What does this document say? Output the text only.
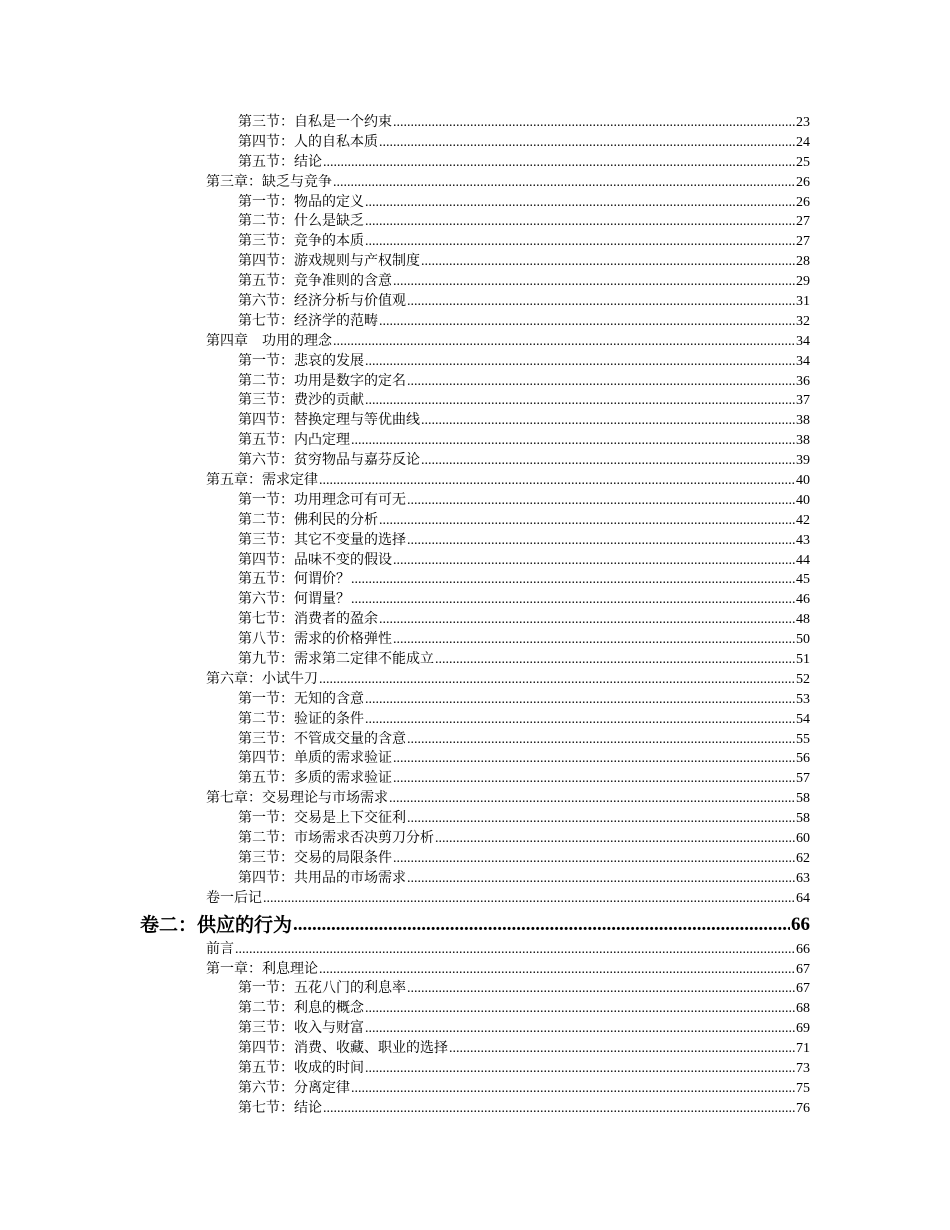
第三节：自私是一个约束 .....	23
第四节：人的自私本质 .....	24
第五节：结论 .....	25
第三章：缺乏与竞争 .....	26
第一节：物品的定义 .....	26
第二节：什么是缺乏 .....	27
第三节：竞争的本质 .....	27
第四节：游戏规则与产权制度 .....	28
第五节：竞争准则的含意 .....	29
第六节：经济分析与价值观 .....	31
第七节：经济学的范畴 .....	32
第四章　功用的理念 .....	34
第一节：悲哀的发展 .....	34
第二节：功用是数字的定名 .....	36
第三节：费沙的贡献 .....	37
第四节：替换定理与等优曲线 .....	38
第五节：内凸定理 .....	38
第六节：贫穷物品与嘉芬反论 .....	39
第五章：需求定律 .....	40
第一节：功用理念可有可无 .....	40
第二节：佛利民的分析 .....	42
第三节：其它不变量的选择 .....	43
第四节：品味不变的假设 .....	44
第五节：何谓价？ .....	45
第六节：何谓量？ .....	46
第七节：消费者的盈余 .....	48
第八节：需求的价格弹性 .....	50
第九节：需求第二定律不能成立 .....	51
第六章：小试牛刀 .....	52
第一节：无知的含意 .....	53
第二节：验证的条件 .....	54
第三节：不管成交量的含意 .....	55
第四节：单质的需求验证 .....	56
第五节：多质的需求验证 .....	57
第七章：交易理论与市场需求 .....	58
第一节：交易是上下交征利 .....	58
第二节：市场需求否决剪刀分析 .....	60
第三节：交易的局限条件 .....	62
第四节：共用品的市场需求 .....	63
卷一后记 .....	64
卷二：供应的行为 .....	66
前言 .....	66
第一章：利息理论 .....	67
第一节：五花八门的利息率 .....	67
第二节：利息的概念 .....	68
第三节：收入与财富 .....	69
第四节：消费、收藏、职业的选择 .....	71
第五节：收成的时间 .....	73
第六节：分离定律 .....	75
第七节：结论 .....	76
